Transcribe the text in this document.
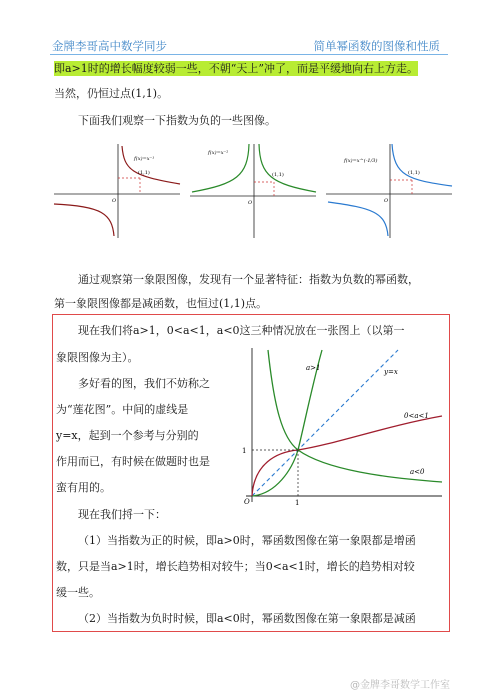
金牌李哥高中数学同步	简单幂函数的图像和性质
即a>1时的增长幅度较弱一些，不朝“天上”冲了，而是平缓地向右上方走。
当然，仍恒过点(1,1)。
下面我们观察一下指数为负的一些图像。
f(x)=x⁻¹
(1,1)
O
f(x)=x⁻²
(1,1)
O
f(x)=x^(-1/3)
(1,1)
O
通过观察第一象限图像，发现有一个显著特征：指数为负数的幂函数，
第一象限图像都是减函数，也恒过(1,1)点。
现在我们将a>1，0<a<1，a<0这三种情况放在一张图上（以第一
象限图像为主）。
多好看的图，我们不妨称之
为“莲花图”。中间的虚线是
y=x，起到一个参考与分别的
作用而已，有时候在做题时也是
蛮有用的。
现在我们捋一下：
（1）当指数为正的时候，即a>0时，幂函数图像在第一象限都是增函
数，只是当a>1时，增长趋势相对较牛；当0<a<1时，增长的趋势相对较
缓一些。
（2）当指数为负时时候，即a<0时，幂函数图像在第一象限都是减函
a>1	y=x
0<a<1
a<0
1
1
O
@金牌李哥数学工作室
